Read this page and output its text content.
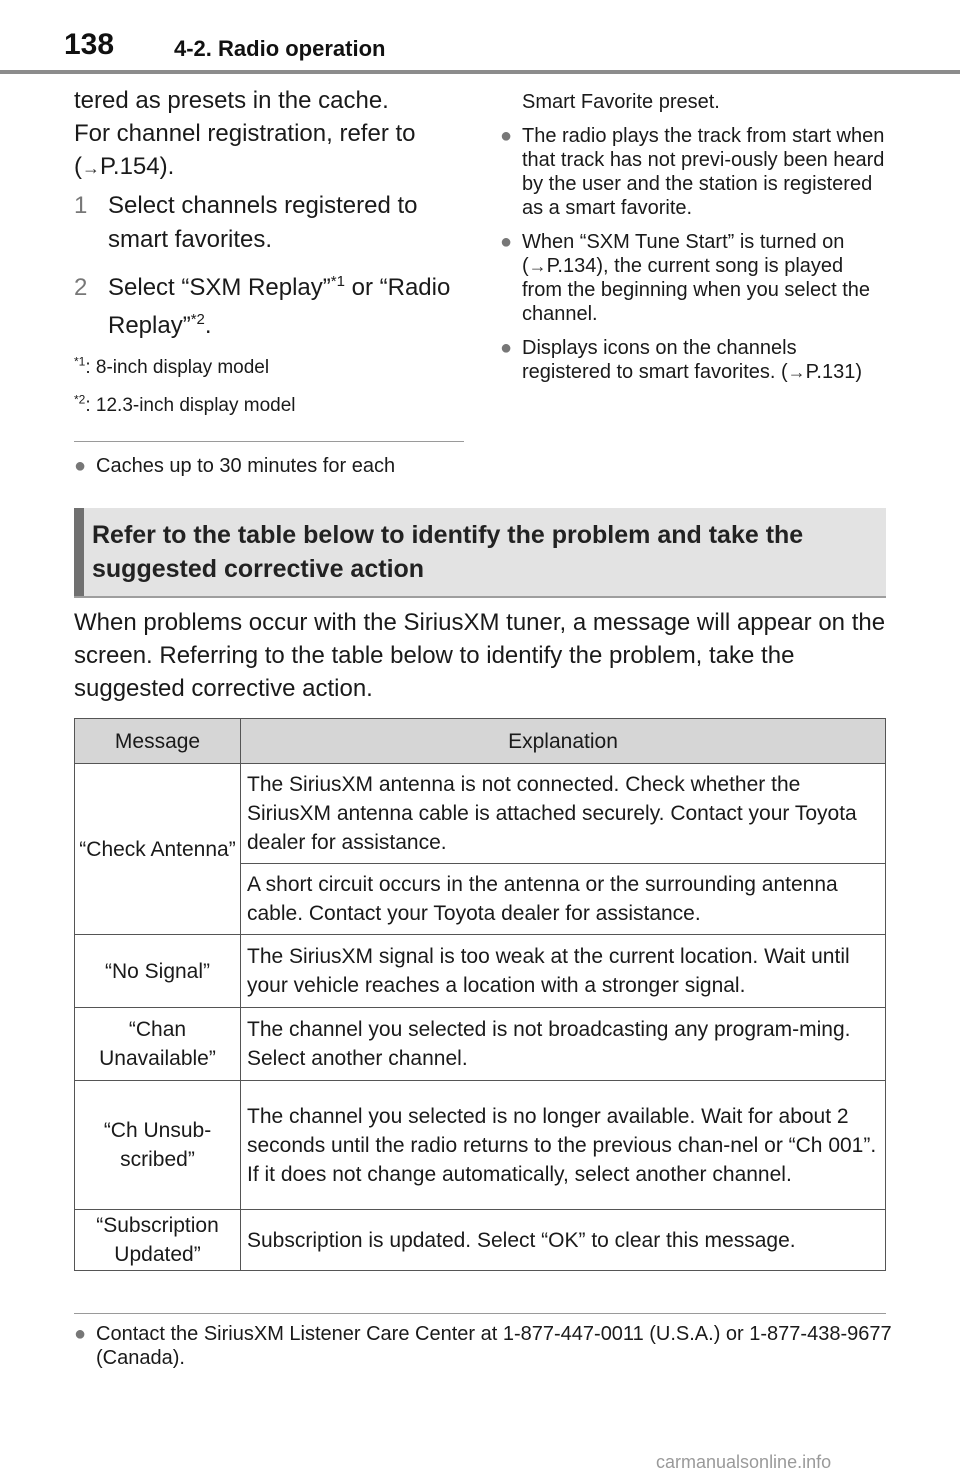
138	4-2. Radio operation

tered as presets in the cache.

For channel registration, refer to (→P.154).

1 Select channels registered to smart favorites.
2 Select “SXM Replay”$^{*1}$ or “Radio Replay”$^{*2}$.
$^{*1}$: 8-inch display model
$^{*2}$: 12.3-inch display model
● Caches up to 30 minutes for each
Smart Favorite preset.
● The radio plays the track from start when that track has not previ-ously been heard by the user and the station is registered as a smart favorite.
● When “SXM Tune Start” is turned on (→P.134), the current song is played from the beginning when you select the channel.
● Displays icons on the channels registered to smart favorites. (→P.131)
Refer to the table below to identify the problem and take the suggested corrective action
When problems occur with the SiriusXM tuner, a message will appear on the screen. Referring to the table below to identify the problem, take the suggested corrective action.
Message	Explanation
“Check Antenna”	The SiriusXM antenna is not connected. Check whether the SiriusXM antenna cable is attached securely. Contact your Toyota dealer for assistance.
	A short circuit occurs in the antenna or the surrounding antenna cable. Contact your Toyota dealer for assistance.
“No Signal”	The SiriusXM signal is too weak at the current location. Wait until your vehicle reaches a location with a stronger signal.
“Chan Unavailable”	The channel you selected is not broadcasting any program-ming. Select another channel.
“Ch Unsub-scribed”	The channel you selected is no longer available. Wait for about 2 seconds until the radio returns to the previous chan-nel or “Ch 001”. If it does not change automatically, select another channel.
“Subscription Updated”	Subscription is updated. Select “OK” to clear this message.
● Contact the SiriusXM Listener Care Center at 1-877-447-0011 (U.S.A.) or 1-877-438-9677 (Canada).
carmanualsonline.info
